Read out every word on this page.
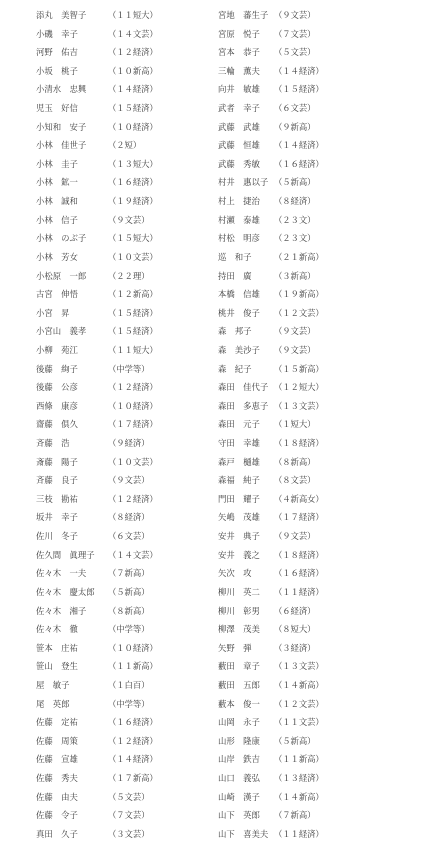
添丸　美智子	（１１短大）
小磯　幸子	（１４文芸）
河野　佑吉	（１２経済）
小坂　桃子	（１０新高）
小清水　忠興	（１４経済）
児玉　好信	（１５経済）
小知和　安子	（１０経済）
小林　佳世子	（２短）
小林　圭子	（１３短大）
小林　鉱一	（１６経済）
小林　誠和	（１９経済）
小林　信子	（９文芸）
小林　のぶ子	（１５短大）
小林　芳女	（１０文芸）
小松原　一郎	（２２理）
古宮　伸悟	（１２新高）
小宮　昇	（１５経済）
小宮山　義孝	（１５経済）
小柳　苑江	（１１短大）
後藤　絢子	（中学等）
後藤　公彦	（１２経済）
西條　康彦	（１０経済）
齋藤　俱久	（１７経済）
斉藤　浩	（９経済）
斎藤　陽子	（１０文芸）
斉藤　良子	（９文芸）
三枝　勘祐	（１２経済）
坂井　幸子	（８経済）
佐川　冬子	（６文芸）
佐久間　眞理子 （１４文芸）
佐々木　一夫	（７新高）
佐々木　慶太郎 （５新高）
佐々木　湘子	（８新高）
佐々木　徹	（中学等）
笹本　庄祐	（１０経済）
笹山　登生	（１１新高）
屋　敏子	（１白百）
尾　英郎	（中学等）
佐藤　定祐	（１６経済）
佐藤　周策	（１２経済）
佐藤　宣雄	（１４経済）
佐藤　秀夫	（１７新高）
佐藤　由夫	（５文芸）
佐藤　令子	（７文芸）
真田　久子	（３文芸）
宮地　蕃生子 （９文芸）
宮原　悦子 （７文芸）
宮本　恭子 （５文芸）
三輪　薫夫 （１４経済）
向井　敏雄 （１５経済）
武者　幸子 （６文芸）
武藤　武雄 （９新高）
武藤　恒雄 （１４経済）
武藤　秀敏 （１６経済）
村井　惠以子 （５新高）
村上　捷治 （８経済）
村瀬　泰雄 （２３文）
村松　明彦 （２３文）
巡　和子	（２１新高）
持田　廣	（３新高）
本橋　信雄 （１９新高）
桃井　俊子 （１２文芸）
森　邦子	（９文芸）
森　美沙子 （９文芸）
森　紀子	（１５新高）
森田　佳代子 （１２短大）
森田　多恵子 （１３文芸）
森田　元子 （１短大）
守田　幸雄 （１８経済）
森戸　樋雄 （８新高）
森福　純子 （８文芸）
門田　耀子 （４新高女）
矢嶋　茂雄 （１７経済）
安井　典子 （９文芸）
安井　義之 （１８経済）
矢次　攻	（１６経済）
柳川　英二 （１１経済）
柳川　彰男 （６経済）
柳澤　茂美 （８短大）
矢野　弾	（３経済）
藪田　章子 （１３文芸）
藪田　五郎 （１４新高）
藪本　俊一 （１２文芸）
山岡　永子 （１１文芸）
山形　隆康 （５新高）
山岸　鉄吉 （１１新高）
山口　義弘 （１３経済）
山崎　漢子 （１４新高）
山下　英郎 （７新高）
山下　喜美夫 （１１経済）
